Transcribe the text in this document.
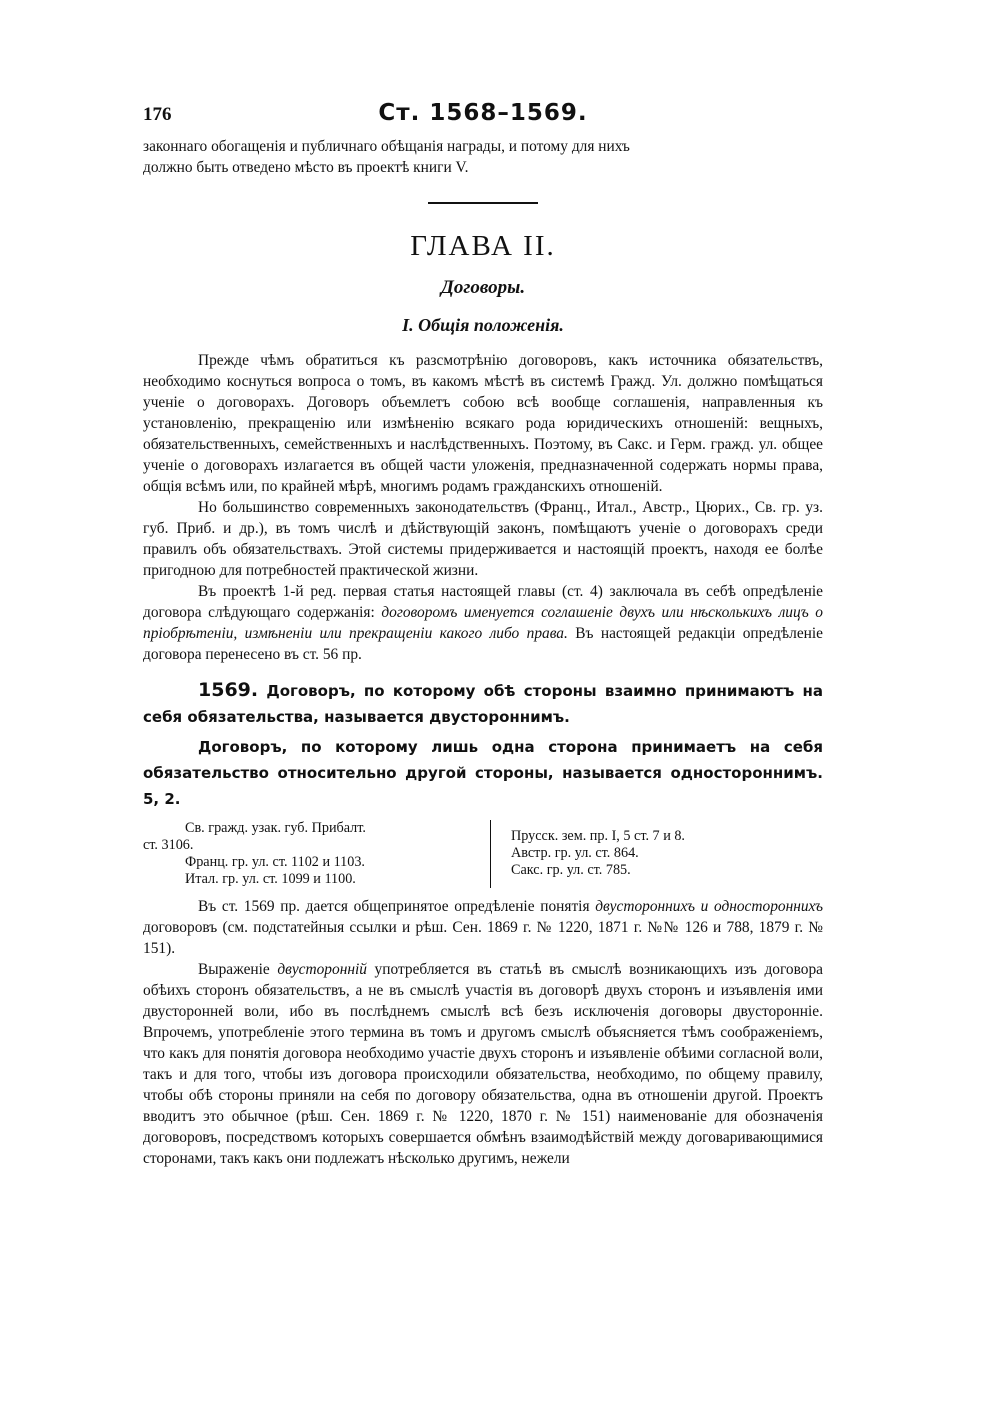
176	Ст. 1568–1569.

законнаго обогащенія и публичнаго обѣщанія награды, и потому для нихъ
должно быть отведено мѣсто въ проектѣ книги V.

ГЛАВА II.
Договоры.
I. Общія положенія.

Прежде чѣмъ обратиться къ разсмотрѣнію договоровъ, какъ источника обязательствъ, необходимо коснуться вопроса о томъ, въ какомъ мѣстѣ въ системѣ Гражд. Ул. должно помѣщаться ученіе о договорахъ. Договоръ объемлетъ собою всѣ вообще соглашенія, направленныя къ установленію, прекращенію или измѣненію всякаго рода юридическихъ отношеній: вещныхъ, обязательственныхъ, семейственныхъ и наслѣдственныхъ. Поэтому, въ Сакс. и Герм. гражд. ул. общее ученіе о договорахъ излагается въ общей части уложенія, предназначенной содержать нормы права, общія всѣмъ или, по крайней мѣрѣ, многимъ родамъ гражданскихъ отношеній.

Но большинство современныхъ законодательствъ (Франц., Итал., Австр., Цюрих., Св. гр. уз. губ. Приб. и др.), въ томъ числѣ и дѣйствующій законъ, помѣщаютъ ученіе о договорахъ среди правилъ объ обязательствахъ. Этой системы придерживается и настоящій проектъ, находя ее болѣе пригодною для потребностей практической жизни.

Въ проектѣ 1-й ред. первая статья настоящей главы (ст. 4) заключала въ себѣ опредѣленіе договора слѣдующаго содержанія: договоромъ именуется соглашеніе двухъ или нѣсколькихъ лицъ о пріобрѣтеніи, измѣненіи или прекращеніи какого либо права. Въ настоящей редакціи опредѣленіе договора перенесено въ ст. 56 пр.

1569. Договоръ, по которому обѣ стороны взаимно принимаютъ на себя обязательства, называется двустороннимъ.

Договоръ, по которому лишь одна сторона принимаетъ на себя обязательство относительно другой стороны, называется одностороннимъ. 5, 2.

Св. гражд. узак. губ. Прибалт.
ст. 3106.
Франц. гр. ул. ст. 1102 и 1103.
Итал. гр. ул. ст. 1099 и 1100.
Прусск. зем. пр. I, 5 ст. 7 и 8.
Австр. гр. ул. ст. 864.
Сакс. гр. ул. ст. 785.

Въ ст. 1569 пр. дается общепринятое опредѣленіе понятія двустороннихъ и одностороннихъ договоровъ (см. подстатейныя ссылки и рѣш. Сен. 1869 г. № 1220, 1871 г. №№ 126 и 788, 1879 г. № 151).

Выраженіе двусторонній употребляется въ статьѣ въ смыслѣ возникающихъ изъ договора обѣихъ сторонъ обязательствъ, а не въ смыслѣ участія въ договорѣ двухъ сторонъ и изъявленія ими двусторонней воли, ибо въ послѣднемъ смыслѣ всѣ безъ исключенія договоры двусторонніе. Впрочемъ, употребленіе этого термина въ томъ и другомъ смыслѣ объясняется тѣмъ соображеніемъ, что какъ для понятія договора необходимо участіе двухъ сторонъ и изъявленіе обѣими согласной воли, такъ и для того, чтобы изъ договора происходили обязательства, необходимо, по общему правилу, чтобы обѣ стороны приняли на себя по договору обязательства, одна въ отношеніи другой. Проектъ вводитъ это обычное (рѣш. Сен. 1869 г. № 1220, 1870 г. № 151) наименованіе для обозначенія договоровъ, посредствомъ которыхъ совершается обмѣнъ взаимодѣйствій между договаривающимися сторонами, такъ какъ они подлежатъ нѣсколько другимъ, нежели
